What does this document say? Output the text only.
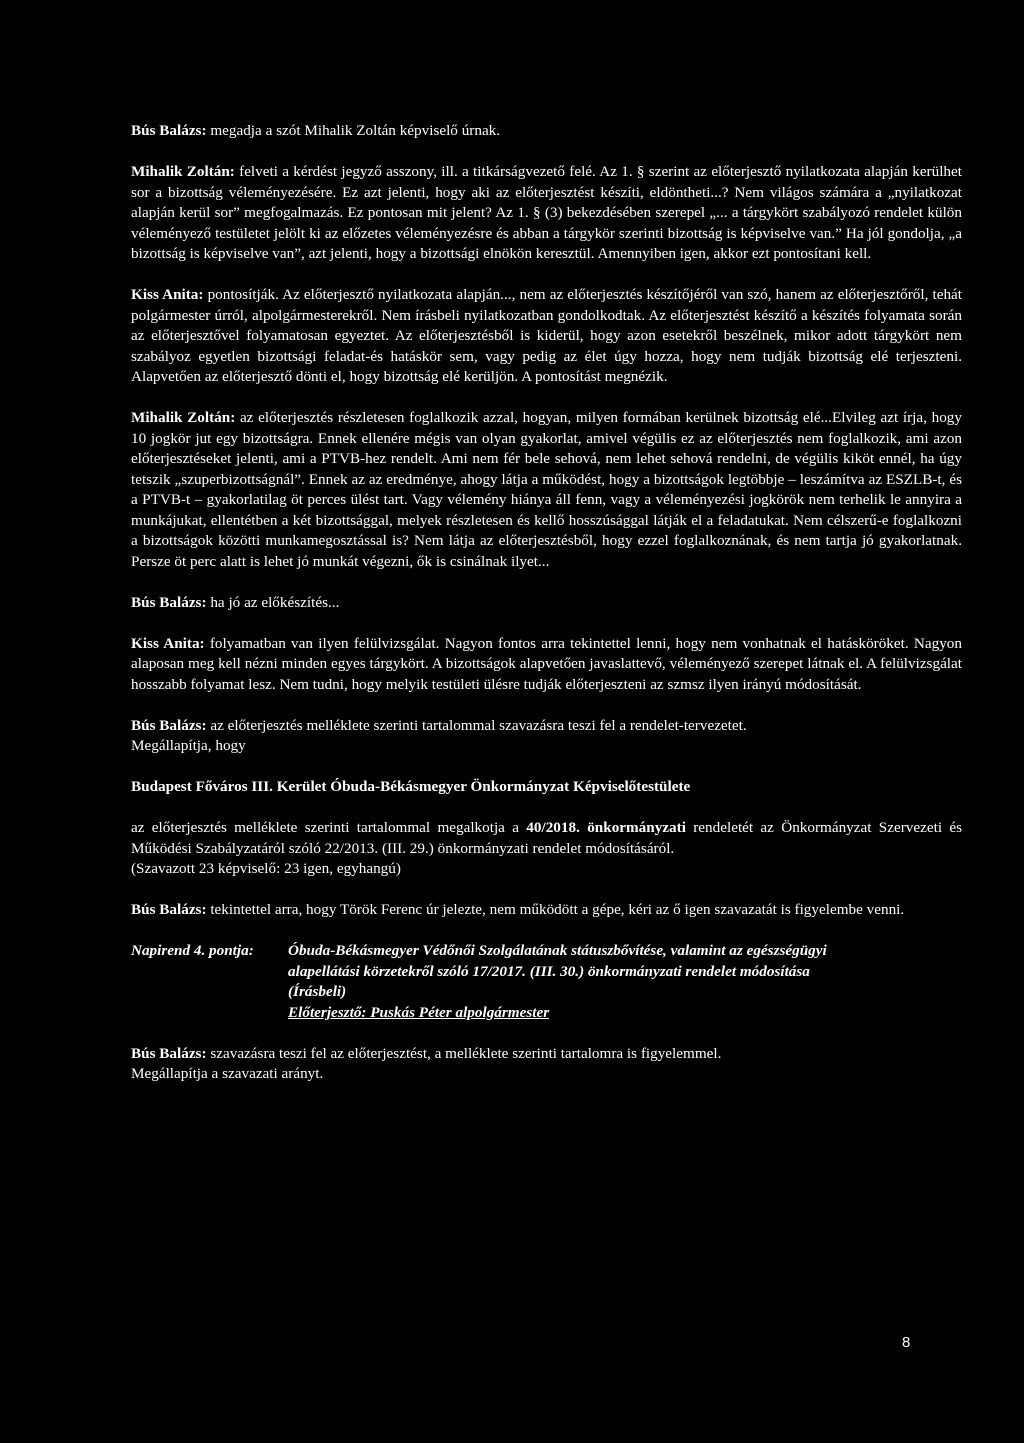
Bús Balázs: megadja a szót Mihalik Zoltán képviselő úrnak.

Mihalik Zoltán: felveti a kérdést jegyző asszony, ill. a titkárságvezető felé. Az 1. § szerint az előterjesztő nyilatkozata alapján kerülhet sor a bizottság véleményezésére. Ez azt jelenti, hogy aki az előterjesztést készíti, eldöntheti...? Nem világos számára a „nyilatkozat alapján kerül sor” megfogalmazás. Ez pontosan mit jelent? Az 1. § (3) bekezdésében szerepel „... a tárgykört szabályozó rendelet külön véleményező testületet jelölt ki az előzetes véleményezésre és abban a tárgykör szerinti bizottság is képviselve van.” Ha jól gondolja, „a bizottság is képviselve van”, azt jelenti, hogy a bizottsági elnökön keresztül. Amennyiben igen, akkor ezt pontosítani kell.

Kiss Anita: pontosítják. Az előterjesztő nyilatkozata alapján..., nem az előterjesztés készítőjéről van szó, hanem az előterjesztőről, tehát polgármester úrról, alpolgármesterekről. Nem írásbeli nyilatkozatban gondolkodtak. Az előterjesztést készítő a készítés folyamata során az előterjesztővel folyamatosan egyeztet. Az előterjesztésből is kiderül, hogy azon esetekről beszélnek, mikor adott tárgykört nem szabályoz egyetlen bizottsági feladat-és hatáskör sem, vagy pedig az élet úgy hozza, hogy nem tudják bizottság elé terjeszteni. Alapvetően az előterjesztő dönti el, hogy bizottság elé kerüljön. A pontosítást megnézik.

Mihalik Zoltán: az előterjesztés részletesen foglalkozik azzal, hogyan, milyen formában kerülnek bizottság elé...Elvileg azt írja, hogy 10 jogkör jut egy bizottságra. Ennek ellenére mégis van olyan gyakorlat, amivel végülis ez az előterjesztés nem foglalkozik, ami azon előterjesztéseket jelenti, ami a PTVB-hez rendelt. Ami nem fér bele sehová, nem lehet sehová rendelni, de végülis kiköt ennél, ha úgy tetszik „szuperbizottságnál”. Ennek az az eredménye, ahogy látja a működést, hogy a bizottságok legtöbbje – leszámítva az ESZLB-t, és a PTVB-t – gyakorlatilag öt perces ülést tart. Vagy vélemény hiánya áll fenn, vagy a véleményezési jogkörök nem terhelik le annyira a munkájukat, ellentétben a két bizottsággal, melyek részletesen és kellő hosszúsággal látják el a feladatukat. Nem célszerű-e foglalkozni a bizottságok közötti munkamegosztással is? Nem látja az előterjesztésből, hogy ezzel foglalkoznának, és nem tartja jó gyakorlatnak. Persze öt perc alatt is lehet jó munkát végezni, ők is csinálnak ilyet...

Bús Balázs: ha jó az előkészítés...

Kiss Anita: folyamatban van ilyen felülvizsgálat. Nagyon fontos arra tekintettel lenni, hogy nem vonhatnak el hatásköröket. Nagyon alaposan meg kell nézni minden egyes tárgykört. A bizottságok alapvetően javaslattevő, véleményező szerepet látnak el. A felülvizsgálat hosszabb folyamat lesz. Nem tudni, hogy melyik testületi ülésre tudják előterjeszteni az szmsz ilyen irányú módosítását.

Bús Balázs: az előterjesztés melléklete szerinti tartalommal szavazásra teszi fel a rendelet-tervezetet.
Megállapítja, hogy

Budapest Főváros III. Kerület Óbuda-Békásmegyer Önkormányzat Képviselőtestülete

az előterjesztés melléklete szerinti tartalommal megalkotja a 40/2018. önkormányzati rendeletét az Önkormányzat Szervezeti és Működési Szabályzatáról szóló 22/2013. (III. 29.) önkormányzati rendelet módosításáról.
(Szavazott 23 képviselő: 23 igen, egyhangú)

Bús Balázs: tekintettel arra, hogy Török Ferenc úr jelezte, nem működött a gépe, kéri az ő igen szavazatát is figyelembe venni.

Napirend 4. pontja:	Óbuda-Békásmegyer Védőnői Szolgálatának státuszbővítése, valamint az egészségügyi
alapellátási körzetekről szóló 17/2017. (III. 30.) önkormányzati rendelet módosítása
(Írásbeli)
Előterjesztő: Puskás Péter alpolgármester
Bús Balázs: szavazásra teszi fel az előterjesztést, a melléklete szerinti tartalomra is figyelemmel.
Megállapítja a szavazati arányt.
8
